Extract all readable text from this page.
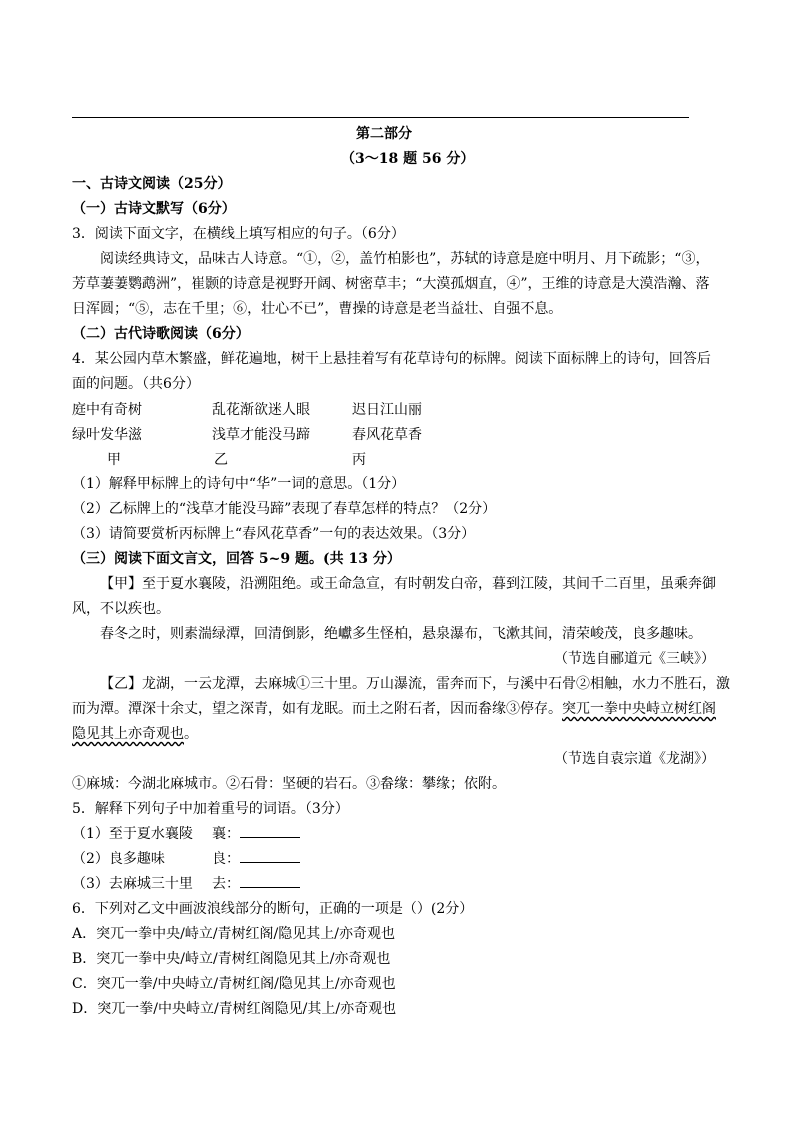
第二部分
（3～18 题 56 分）
一、古诗文阅读（25分）
（一）古诗文默写（6分）
3．阅读下面文字，在横线上填写相应的句子。（6分）
阅读经典诗文，品味古人诗意。“①，②，盖竹柏影也”，苏轼的诗意是庭中明月、月下疏影；“③，
芳草萋萋鹦鹉洲”，崔颢的诗意是视野开阔、树密草丰；“大漠孤烟直，④”，王维的诗意是大漠浩瀚、落
日浑圆；“⑤，志在千里；⑥，壮心不已”，曹操的诗意是老当益壮、自强不息。
（二）古代诗歌阅读（6分）
4．某公园内草木繁盛，鲜花遍地，树干上悬挂着写有花草诗句的标牌。阅读下面标牌上的诗句，回答后
面的问题。（共6分）
庭中有奇树	乱花渐欲迷人眼	迟日江山丽
绿叶发华滋	浅草才能没马蹄	春风花草香
甲	乙	丙
（1）解释甲标牌上的诗句中“华”一词的意思。（1分）
（2）乙标牌上的“浅草才能没马蹄”表现了春草怎样的特点？（2分）
（3）请简要赏析丙标牌上“春风花草香”一句的表达效果。（3分）
（三）阅读下面文言文，回答 5~9 题。(共 13 分）
【甲】至于夏水襄陵，沿溯阻绝。或王命急宣，有时朝发白帝，暮到江陵，其间千二百里，虽乘奔御
风，不以疾也。
春冬之时，则素湍绿潭，回清倒影，绝巘多生怪柏，悬泉瀑布，飞漱其间，清荣峻茂，良多趣味。
（节选自郦道元《三峡》）
【乙】龙湖，一云龙潭，去麻城①三十里。万山瀑流，雷奔而下，与溪中石骨②相触，水力不胜石，激
而为潭。潭深十余丈，望之深青，如有龙眠。而土之附石者，因而畚缘③停存。突兀一拳中央峙立树红阁
隐见其上亦奇观也。
（节选自袁宗道《龙湖》）
①麻城：今湖北麻城市。②石骨：坚硬的岩石。③畚缘：攀缘；依附。
5．解释下列句子中加着重号的词语。（3分）
（1）至于夏水襄陵 襄：
（2）良多趣味	良：
（3）去麻城三十里 去：
6．下列对乙文中画波浪线部分的断句，正确的一项是（）(2分）
A．突兀一拳中央/峙立/青树红阁/隐见其上/亦奇观也
B．突兀一拳中央/峙立/青树红阁隐见其上/亦奇观也
C．突兀一拳/中央峙立/青树红阁/隐见其上/亦奇观也
D．突兀一拳/中央峙立/青树红阁隐见/其上/亦奇观也
